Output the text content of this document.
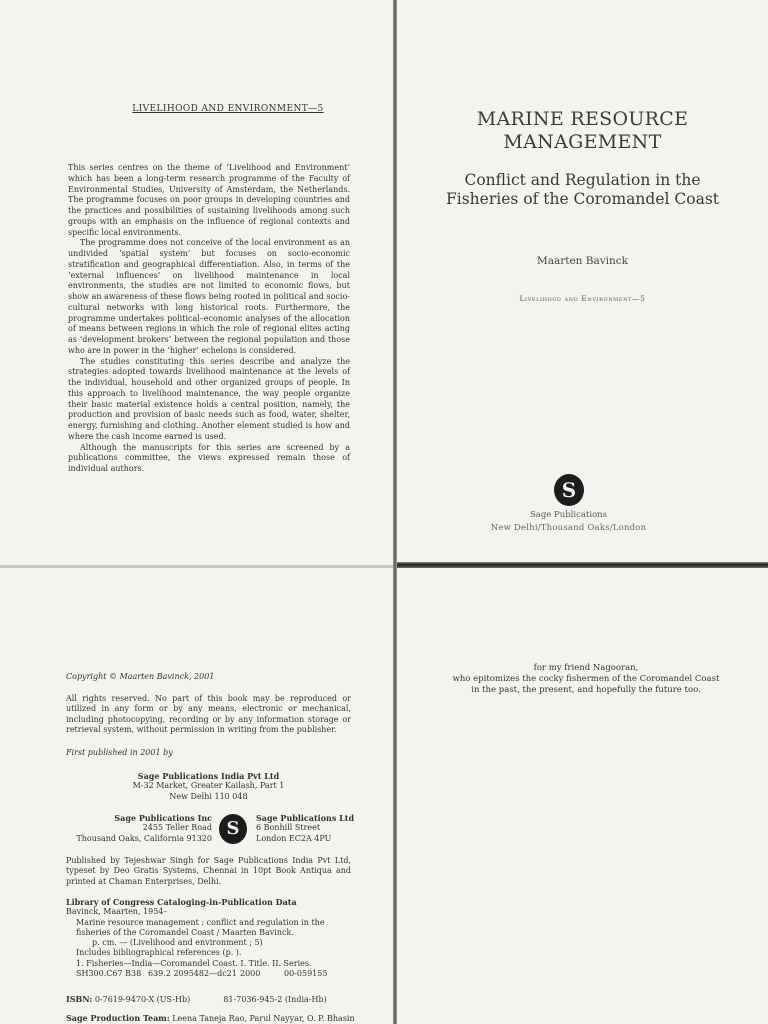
LIVELIHOOD AND ENVIRONMENT—5

This series centres on the theme of ‘Livelihood and Environment’ which has been a long-term research programme of the Faculty of Environmental Studies, University of Amsterdam, the Netherlands. The programme focuses on poor groups in developing countries and the practices and possibilities of sustaining livelihoods among such groups with an emphasis on the influence of regional contexts and specific local environments.

The programme does not conceive of the local environment as an undivided ‘spatial system’ but focuses on socio-economic stratification and geographical differentiation. Also, in terms of the ‘external influences’ on livelihood maintenance in local environments, the studies are not limited to economic flows, but show an awareness of these flows being rooted in political and socio-cultural networks with long historical roots. Furthermore, the programme undertakes political–economic analyses of the allocation of means between regions in which the role of regional elites acting as ‘development brokers’ between the regional population and those who are in power in the ‘higher’ echelons is considered.

The studies constituting this series describe and analyze the strategies adopted towards livelihood maintenance at the levels of the individual, household and other organized groups of people. In this approach to livelihood maintenance, the way people organize their basic material existence holds a central position, namely, the production and provision of basic needs such as food, water, shelter, energy, furnishing and clothing. Another element studied is how and where the cash income earned is used.

Although the manuscripts for this series are screened by a publications committee, the views expressed remain those of individual authors.

MARINE RESOURCE
MANAGEMENT
Conflict and Regulation in the
Fisheries of the Coromandel Coast
Maarten Bavinck
Livelihood and Environment—5
S
Sage Publications
New Delhi/Thousand Oaks/London
Copyright © Maarten Bavinck, 2001
All rights reserved. No part of this book may be reproduced or utilized in any form or by any means, electronic or mechanical, including photocopying, recording or by any information storage or retrieval system, without permission in writing from the publisher.
First published in 2001 by
Sage Publications India Pvt Ltd
M-32 Market, Greater Kailash, Part 1
New Delhi 110 048
Sage Publications Inc
2455 Teller Road
Thousand Oaks, California 91320 S	Sage Publications Ltd
6 Bonhill Street
London EC2A 4PU
Published by Tejeshwar Singh for Sage Publications India Pvt Ltd, typeset by Deo Gratis Systems, Chennai in 10pt Book Antiqua and printed at Chaman Enterprises, Delhi.
Library of Congress Cataloging-in-Publication Data
Bavinck, Maarten, 1954–
Marine resource management : conflict and regulation in the
fisheries of the Coromandel Coast / Maarten Bavinck.
p. cm. — (Livelihood and environment ; 5)
Includes bibliographical references (p. ).
1. Fisheries—India—Coromandel Coast. I. Title. II. Series.
SH300.C67 B38 639.2 2095482—dc21 2000	00-059155
ISBN: 0-7619-9470-X (US-Hb)	81-7036-945-2 (India-Hb)
Sage Production Team: Leena Taneja Rao, Parul Nayyar, O. P. Bhasin
for my friend Nagooran,
who epitomizes the cocky fishermen of the Coromandel Coast
in the past, the present, and hopefully the future too.
